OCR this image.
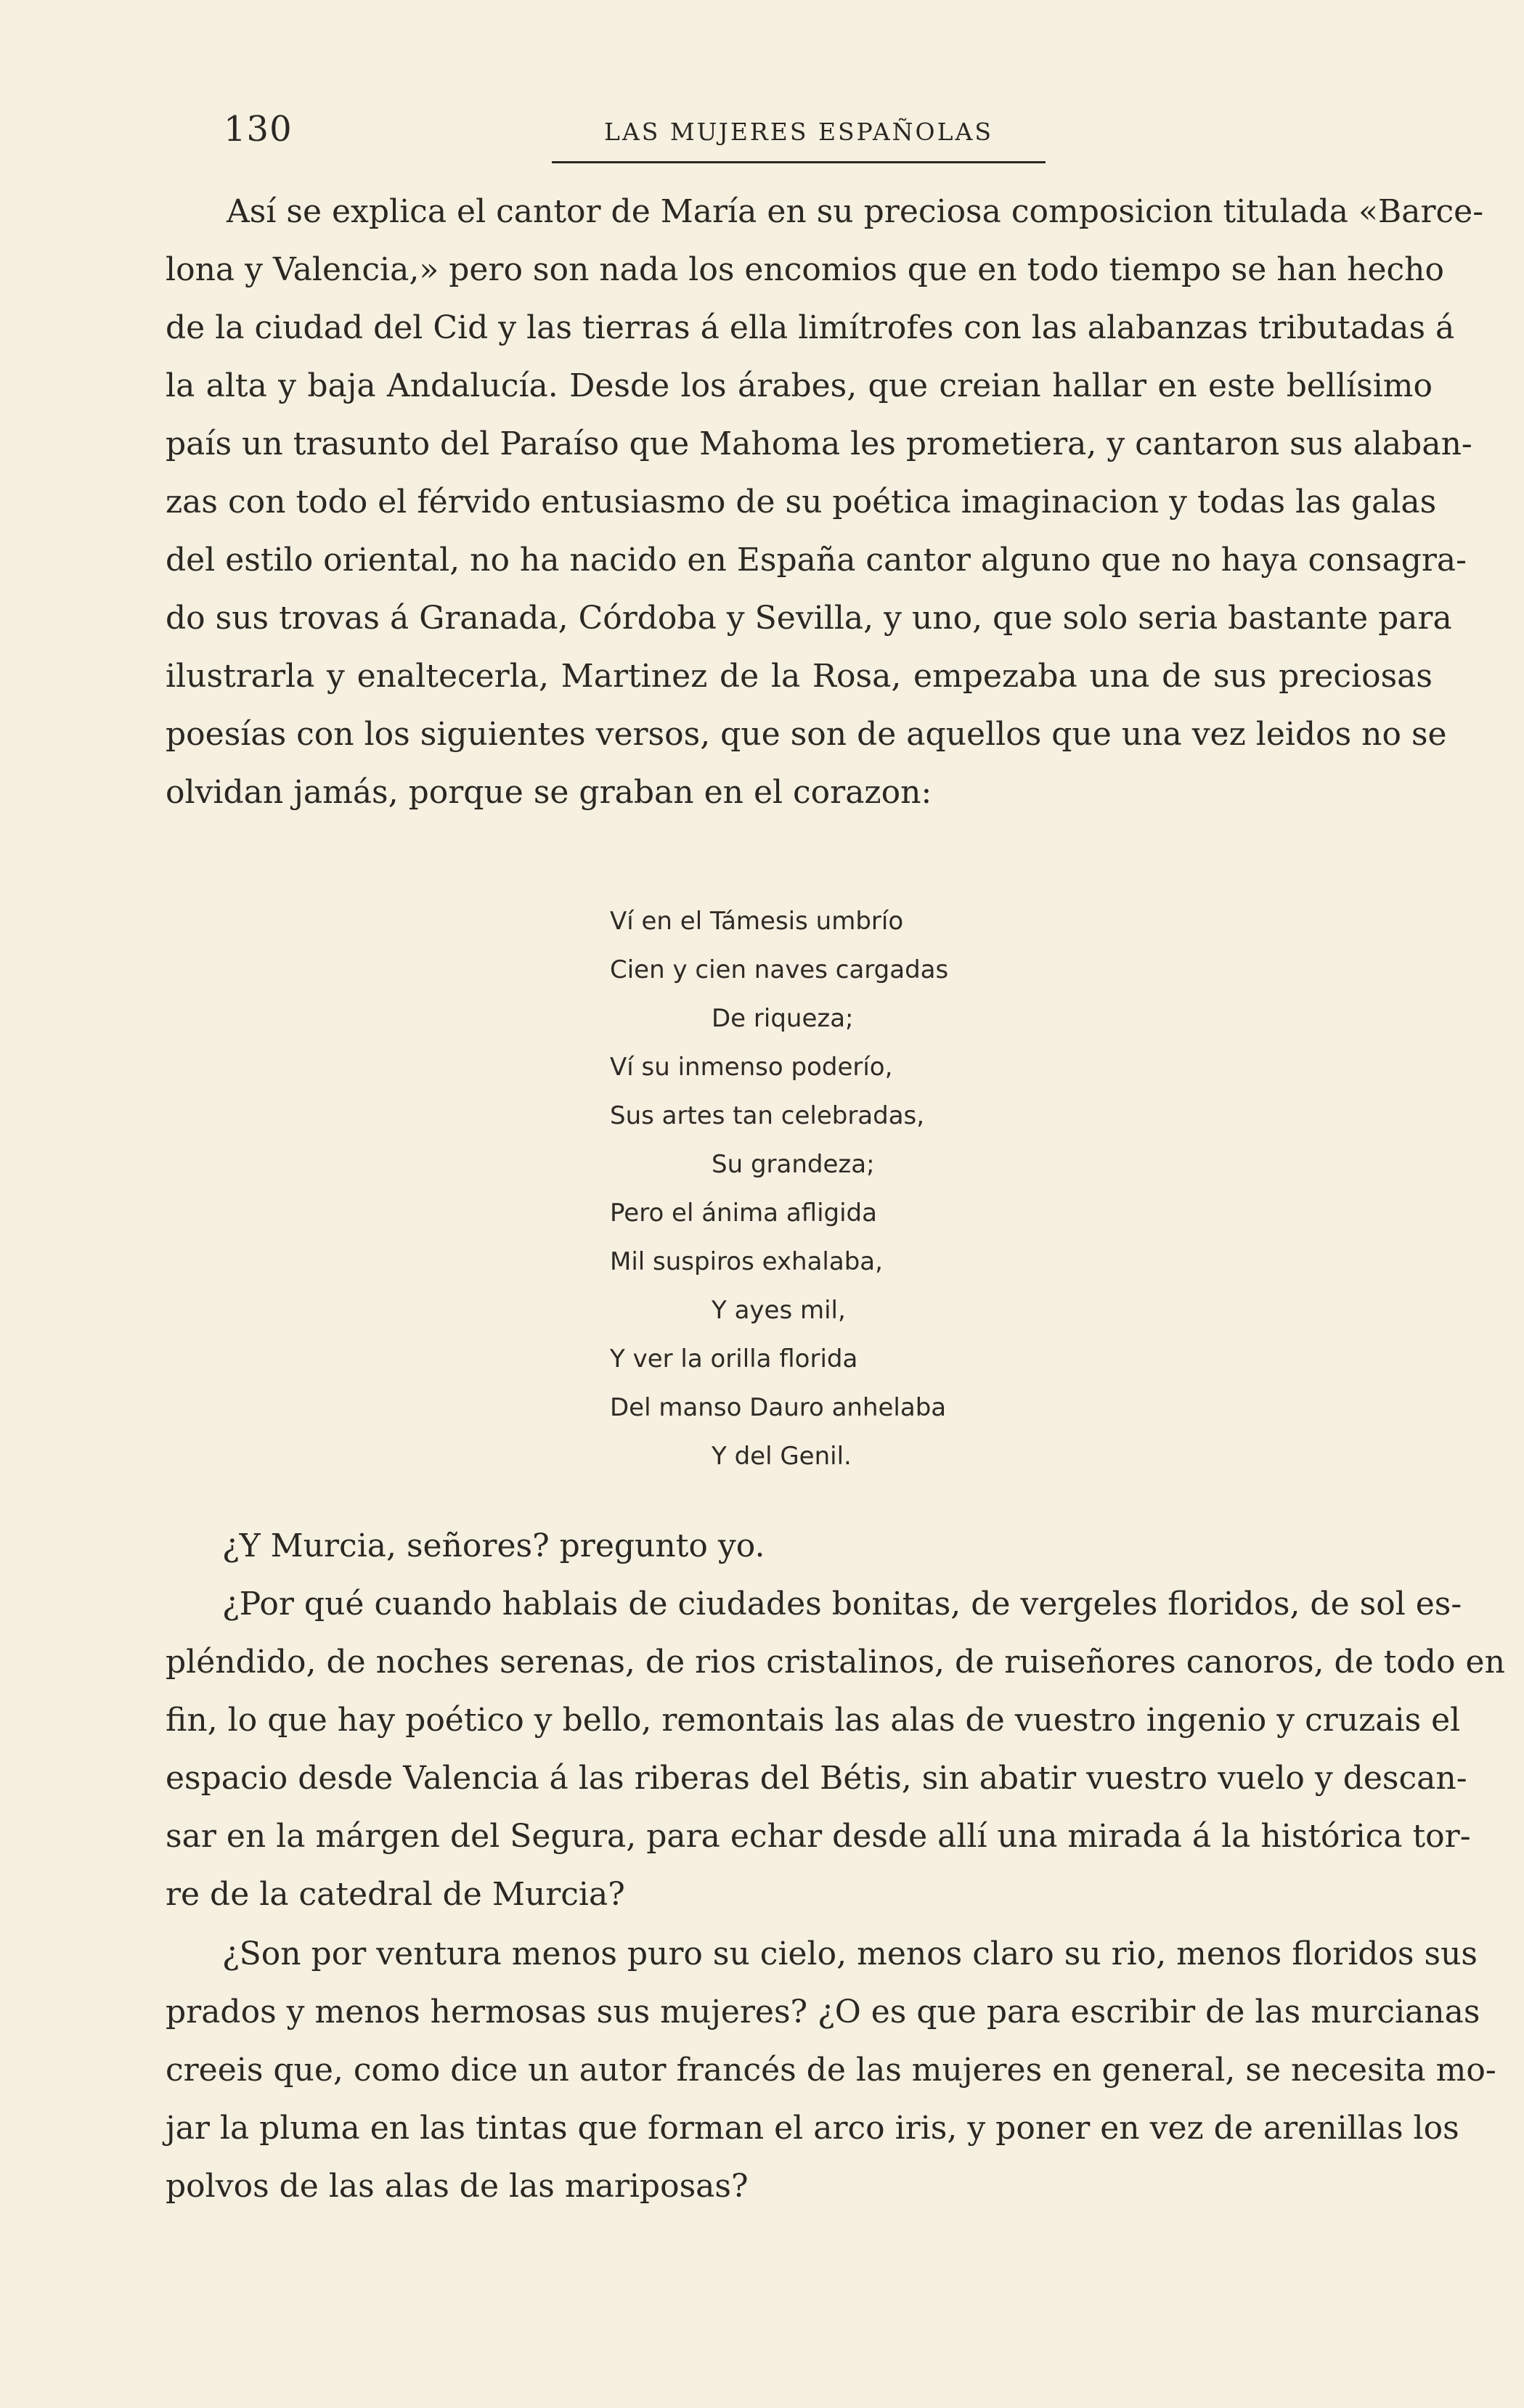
130	LAS MUJERES ESPAÑOLAS

Así se explica el cantor de María en su preciosa composicion titulada «Barce-
lona y Valencia,» pero son nada los encomios que en todo tiempo se han hecho
de la ciudad del Cid y las tierras á ella limítrofes con las alabanzas tributadas á
la alta y baja Andalucía. Desde los árabes, que creian hallar en este bellísimo
país un trasunto del Paraíso que Mahoma les prometiera, y cantaron sus alaban-
zas con todo el férvido entusiasmo de su poética imaginacion y todas las galas
del estilo oriental, no ha nacido en España cantor alguno que no haya consagra-
do sus trovas á Granada, Córdoba y Sevilla, y uno, que solo seria bastante para
ilustrarla y enaltecerla, Martinez de la Rosa, empezaba una de sus preciosas
poesías con los siguientes versos, que son de aquellos que una vez leidos no se
olvidan jamás, porque se graban en el corazon:

Ví en el Támesis umbrío
Cien y cien naves cargadas
De riqueza;
Ví su inmenso poderío,
Sus artes tan celebradas,
Su grandeza;
Pero el ánima afligida
Mil suspiros exhalaba,
Y ayes mil,
Y ver la orilla florida
Del manso Dauro anhelaba
Y del Genil.

¿Y Murcia, señores? pregunto yo.

¿Por qué cuando hablais de ciudades bonitas, de vergeles floridos, de sol es-
pléndido, de noches serenas, de rios cristalinos, de ruiseñores canoros, de todo en
fin, lo que hay poético y bello, remontais las alas de vuestro ingenio y cruzais el
espacio desde Valencia á las riberas del Bétis, sin abatir vuestro vuelo y descan-
sar en la márgen del Segura, para echar desde allí una mirada á la histórica tor-
re de la catedral de Murcia?

¿Son por ventura menos puro su cielo, menos claro su rio, menos floridos sus
prados y menos hermosas sus mujeres? ¿O es que para escribir de las murcianas
creeis que, como dice un autor francés de las mujeres en general, se necesita mo-
jar la pluma en las tintas que forman el arco iris, y poner en vez de arenillas los
polvos de las alas de las mariposas?
